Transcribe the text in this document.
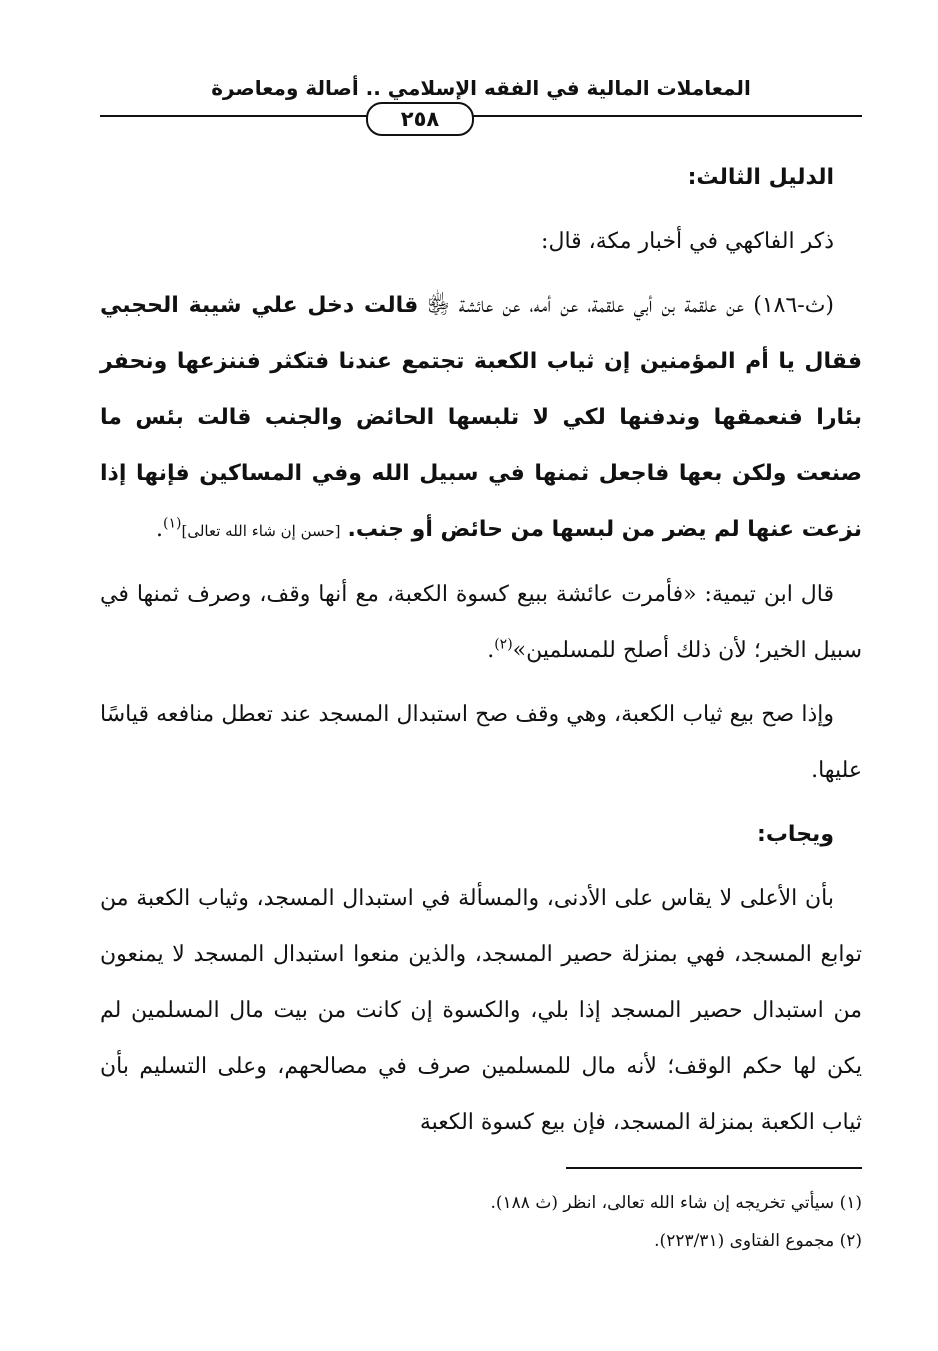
المعاملات المالية في الفقه الإسلامي .. أصالة ومعاصرة
٢٥٨

الدليل الثالث:

ذكر الفاكهي في أخبار مكة، قال:

(ث-١٨٦) عن علقمة بن أبي علقمة، عن أمه، عن عائشة ﵂ قالت دخل علي شيبة الحجبي فقال يا أم المؤمنين إن ثياب الكعبة تجتمع عندنا فتكثر فننزعها ونحفر بئارا فنعمقها وندفنها لكي لا تلبسها الحائض والجنب قالت بئس ما صنعت ولكن بعها فاجعل ثمنها في سبيل الله وفي المساكين فإنها إذا نزعت عنها لم يضر من لبسها من حائض أو جنب. [حسن إن شاء الله تعالى]$^{(١)}$.

قال ابن تيمية: «فأمرت عائشة ببيع كسوة الكعبة، مع أنها وقف، وصرف ثمنها في سبيل الخير؛ لأن ذلك أصلح للمسلمين»$^{(٢)}$.

وإذا صح بيع ثياب الكعبة، وهي وقف صح استبدال المسجد عند تعطل منافعه قياسًا عليها.

ويجاب:

بأن الأعلى لا يقاس على الأدنى، والمسألة في استبدال المسجد، وثياب الكعبة من توابع المسجد، فهي بمنزلة حصير المسجد، والذين منعوا استبدال المسجد لا يمنعون من استبدال حصير المسجد إذا بلي، والكسوة إن كانت من بيت مال المسلمين لم يكن لها حكم الوقف؛ لأنه مال للمسلمين صرف في مصالحهم، وعلى التسليم بأن ثياب الكعبة بمنزلة المسجد، فإن بيع كسوة الكعبة

(١) سيأتي تخريجه إن شاء الله تعالى، انظر (ث ١٨٨).

(٢) مجموع الفتاوى (٢٢٣/٣١).
